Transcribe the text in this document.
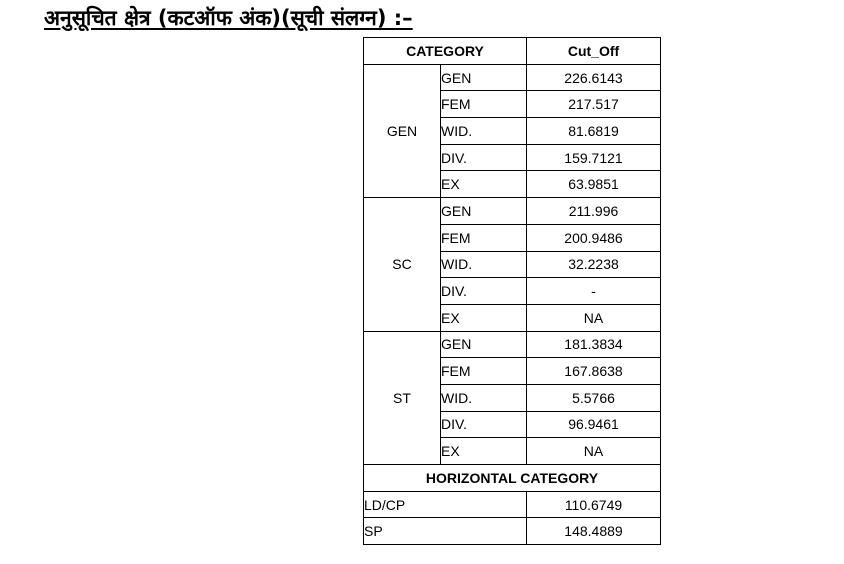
अनुसूचित क्षेत्र (कटऑफ अंक)(सूची संलग्न) :–
CATEGORY		Cut_Off
GEN	GEN	226.6143
	FEM	217.517
	WID.	81.6819
	DIV.	159.7121
	EX	63.9851
SC	GEN	211.996
	FEM	200.9486
	WID.	32.2238
	DIV.	-
	EX	NA
ST	GEN	181.3834
	FEM	167.8638
	WID.	5.5766
	DIV.	96.9461
	EX	NA
HORIZONTAL CATEGORY		
LD/CP		110.6749
SP		148.4889
